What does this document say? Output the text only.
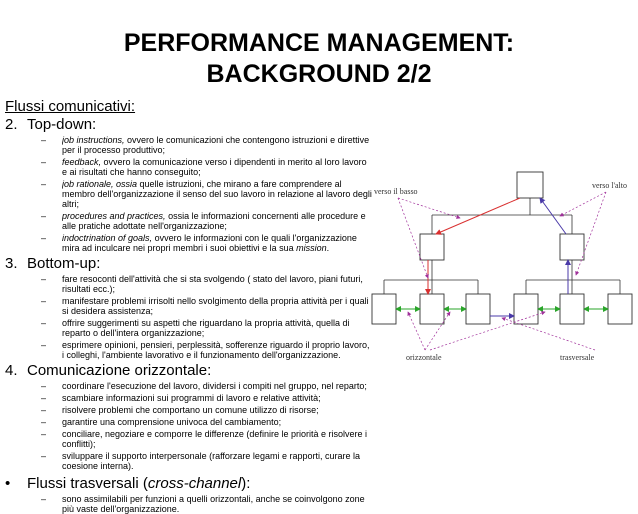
PERFORMANCE MANAGEMENT:
BACKGROUND 2/2

Flussi comunicativi:

2. Top-down:

– job instructions, ovvero le comunicazioni che contengono istruzioni e direttive
per il processo produttivo;
– feedback, ovvero la comunicazione verso i dipendenti in merito al loro lavoro
e ai risultati che hanno conseguito;
– job rationale, ossia quelle istruzioni, che mirano a fare comprendere al
membro dell'organizzazione il senso del suo lavoro in relazione al lavoro degli
altri;
– procedures and practices, ossia le informazioni concernenti alle procedure e
alle pratiche adottate nell'organizzazione;
– indoctrination of goals, ovvero le informazioni con le quali l'organizzazione
mira ad inculcare nei propri membri i suoi obiettivi e la sua mission.

3. Bottom-up:

– fare resoconti dell'attività che si sta svolgendo ( stato del lavoro, piani futuri,
risultati ecc.);
– manifestare problemi irrisolti nello svolgimento della propria attività per i quali
si desidera assistenza;
– offrire suggerimenti su aspetti che riguardano la propria attività, quella di
reparto o dell'intera organizzazione;
– esprimere opinioni, pensieri, perplessità, sofferenze riguardo il proprio lavoro,
i colleghi, l'ambiente lavorativo e il funzionamento dell'organizzazione.

4. Comunicazione orizzontale:

– coordinare l'esecuzione del lavoro, dividersi i compiti nel gruppo, nel reparto;
– scambiare informazioni sui programmi di lavoro e relative attività;
– risolvere problemi che comportano un comune utilizzo di risorse;
– garantire una comprensione univoca del cambiamento;
– conciliare, negoziare e comporre le differenze (definire le priorità e risolvere i
conflitti);
– sviluppare il supporto interpersonale (rafforzare legami e rapporti, curare la
coesione interna).

• Flussi trasversali (cross-channel):

– sono assimilabili per funzioni a quelli orizzontali, anche se coinvolgono zone
più vaste dell'organizzazione.
verso il basso
verso l'alto
orizzontale	trasversale
